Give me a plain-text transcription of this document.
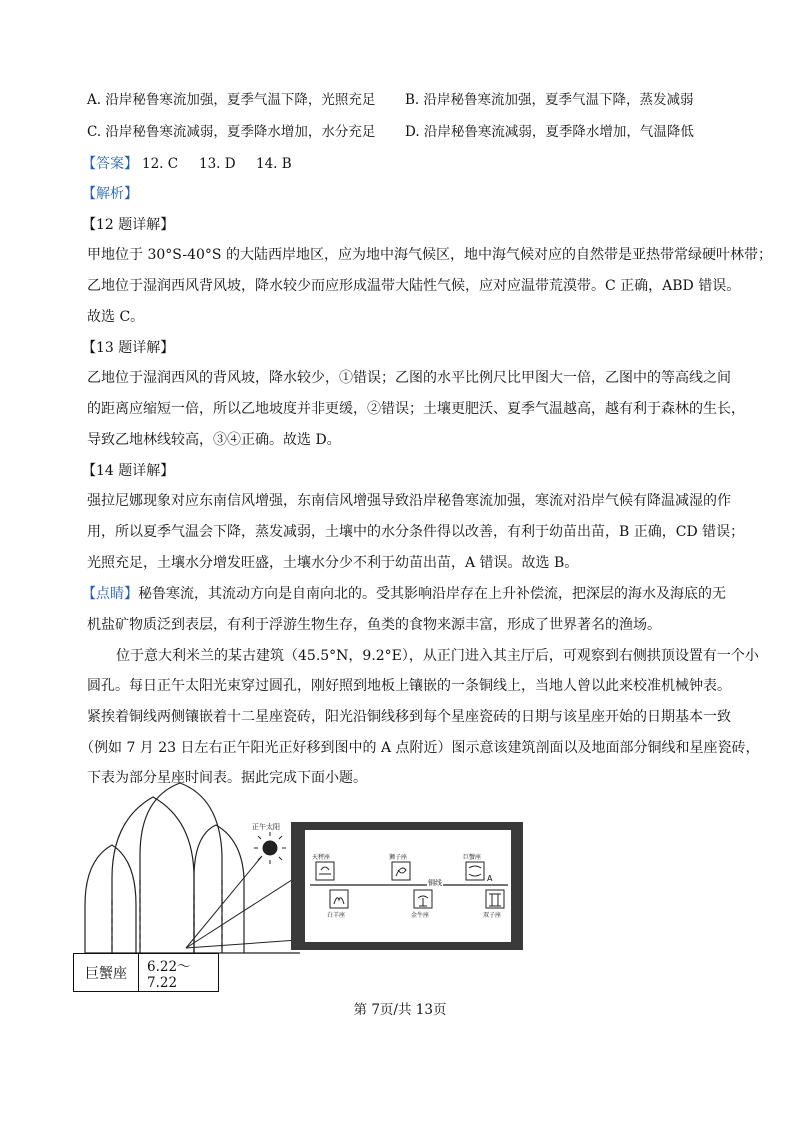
A. 沿岸秘鲁寒流加强，夏季气温下降，光照充足 B. 沿岸秘鲁寒流加强，夏季气温下降，蒸发减弱
C. 沿岸秘鲁寒流减弱，夏季降水增加，水分充足 D. 沿岸秘鲁寒流减弱，夏季降水增加，气温降低
【答案】 12. C 13. D 14. B
【解析】
【12 题详解】
甲地位于 30°S-40°S 的大陆西岸地区，应为地中海气候区，地中海气候对应的自然带是亚热带常绿硬叶林带；
乙地位于湿润西风背风坡，降水较少而应形成温带大陆性气候，应对应温带荒漠带。C 正确，ABD 错误。
故选 C。
【13 题详解】
乙地位于湿润西风的背风坡，降水较少，①错误；乙图的水平比例尺比甲图大一倍，乙图中的等高线之间
的距离应缩短一倍，所以乙地坡度并非更缓，②错误；土壤更肥沃、夏季气温越高，越有利于森林的生长，
导致乙地林线较高，③④正确。故选 D。
【14 题详解】
强拉尼娜现象对应东南信风增强，东南信风增强导致沿岸秘鲁寒流加强，寒流对沿岸气候有降温减湿的作
用，所以夏季气温会下降，蒸发减弱，土壤中的水分条件得以改善，有利于幼苗出苗，B 正确，CD 错误；
光照充足，土壤水分增发旺盛，土壤水分少不利于幼苗出苗，A 错误。故选 B。
【点睛】秘鲁寒流，其流动方向是自南向北的。受其影响沿岸存在上升补偿流，把深层的海水及海底的无
机盐矿物质泛到表层，有利于浮游生物生存，鱼类的食物来源丰富，形成了世界著名的渔场。
位于意大利米兰的某古建筑（45.5°N，9.2°E），从正门进入其主厅后，可观察到右侧拱顶设置有一个小
圆孔。每日正午太阳光束穿过圆孔，刚好照到地板上镶嵌的一条铜线上，当地人曾以此来校准机械钟表。
紧挨着铜线两侧镶嵌着十二星座瓷砖，阳光沿铜线移到每个星座瓷砖的日期与该星座开始的日期基本一致
（例如 7 月 23 日左右正午阳光正好移到图中的 A 点附近）图示意该建筑剖面以及地面部分铜线和星座瓷砖，
下表为部分星座时间表。据此完成下面小题。
正午太阳
铜线	A
天秤座	狮子座	巨蟹座
白羊座	金牛座	双子座
巨蟹座	6.22～7.22
第 7页/共 13页
